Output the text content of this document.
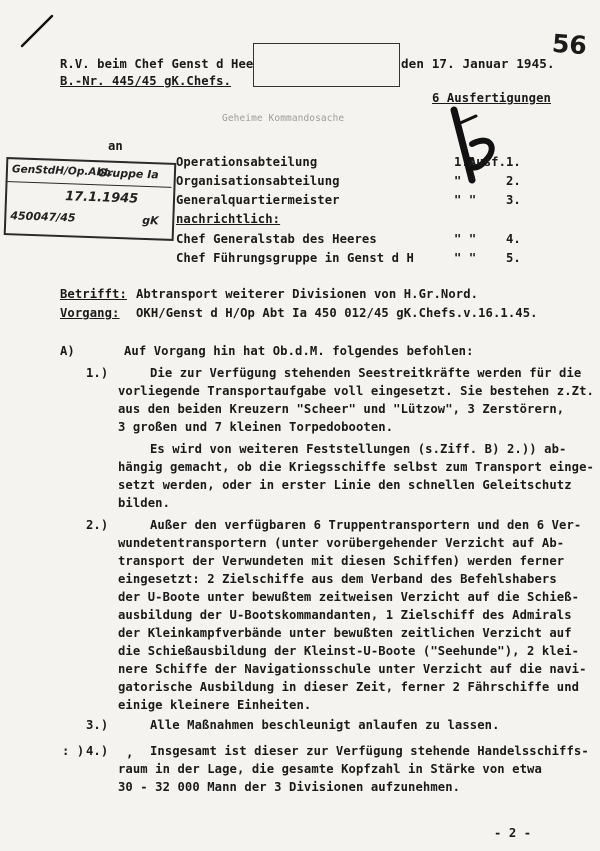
R.V. beim Chef Genst d Hee	den 17. Januar 1945.
56
B.-Nr. 445/45 gK.Chefs.
6 Ausfertigungen
Geheime Kommandosache
an
Operationsabteilung	1.Ausf. 1.
Organisationsabteilung	" " 2.
Generalquartiermeister	" " 3.
nachrichtlich:
Chef Generalstab des Heeres	" " 4.
Chef Führungsgruppe in Genst d H	" " 5.
GenStdH/Op.Abt.
Gruppe Ia
17.1.1945
450047/45	gK
Betrifft: Abtransport weiterer Divisionen von H.Gr.Nord.
Vorgang: OKH/Genst d H/Op Abt Ia 450 012/45 gK.Chefs.v.16.1.45.
A)	Auf Vorgang hin hat Ob.d.M. folgendes befohlen:
1.)	Die zur Verfügung stehenden Seestreitkräfte werden für die
vorliegende Transportaufgabe voll eingesetzt. Sie bestehen z.Zt.
aus den beiden Kreuzern "Scheer" und "Lützow", 3 Zerstörern,
3 großen und 7 kleinen Torpedobooten.
Es wird von weiteren Feststellungen (s.Ziff. B) 2.)) ab-
hängig gemacht, ob die Kriegsschiffe selbst zum Transport einge-
setzt werden, oder in erster Linie den schnellen Geleitschutz
bilden.
2.)	Außer den verfügbaren 6 Truppentransportern und den 6 Ver-
wundetentransportern (unter vorübergehender Verzicht auf Ab-
transport der Verwundeten mit diesen Schiffen) werden ferner
eingesetzt: 2 Zielschiffe aus dem Verband des Befehlshabers
der U-Boote unter bewußtem zeitweisen Verzicht auf die Schieß-
ausbildung der U-Bootskommandanten, 1 Zielschiff des Admirals
der Kleinkampfverbände unter bewußten zeitlichen Verzicht auf
die Schießausbildung der Kleinst-U-Boote ("Seehunde"), 2 klei-
nere Schiffe der Navigationsschule unter Verzicht auf die navi-
gatorische Ausbildung in dieser Zeit, ferner 2 Fährschiffe und
einige kleinere Einheiten.
3.)	Alle Maßnahmen beschleunigt anlaufen zu lassen.
4.)	Insgesamt ist dieser zur Verfügung stehende Handelsschiffs-
raum in der Lage, die gesamte Kopfzahl in Stärke von etwa
30 - 32 000 Mann der 3 Divisionen aufzunehmen.
: )	,
- 2 -
